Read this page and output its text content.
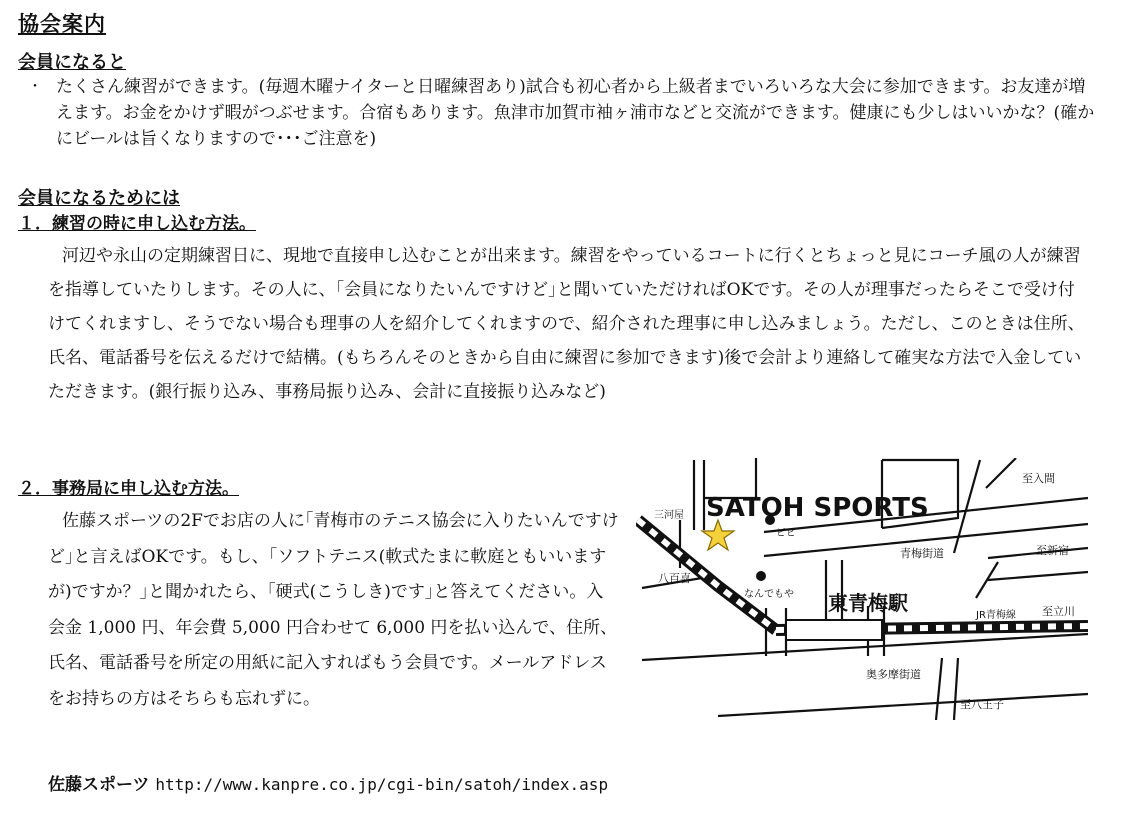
協会案内
会員になると
・ たくさん練習ができます。(毎週木曜ナイターと日曜練習あり)試合も初心者から上級者までいろいろな大会に参加できます。お友達が増えます。お金をかけず暇がつぶせます。合宿もあります。魚津市加賀市袖ヶ浦市などと交流ができます。健康にも少しはいいかな？(確かにビールは旨くなりますので･･･ご注意を)
会員になるためには
１．練習の時に申し込む方法。
河辺や永山の定期練習日に、現地で直接申し込むことが出来ます。練習をやっているコートに行くとちょっと見にコーチ風の人が練習を指導していたりします。その人に、｢会員になりたいんですけど｣と聞いていただければOKです。その人が理事だったらそこで受け付けてくれますし、そうでない場合も理事の人を紹介してくれますので、紹介された理事に申し込みましょう。ただし、このときは住所、氏名、電話番号を伝えるだけで結構。(もちろんそのときから自由に練習に参加できます)後で会計より連絡して確実な方法で入金していただきます。(銀行振り込み、事務局振り込み、会計に直接振り込みなど)
２．事務局に申し込む方法。
佐藤スポーツの2Fでお店の人に｢青梅市のテニス協会に入りたいんですけど｣と言えばOKです。もし、｢ソフトテニス(軟式たまに軟庭ともいいますが)ですか？｣と聞かれたら、｢硬式(こうしき)です｣と答えてください。入会金 1,000 円、年会費 5,000 円合わせて 6,000 円を払い込んで、住所、氏名、電話番号を所定の用紙に記入すればもう会員です。メールアドレスをお持ちの方はそちらも忘れずに。
SATOH SPORTS
至入間
三河屋
ピピ
青梅街道	至新宿
八百喜
なんでもや 東青梅駅
JR青梅線 至立川
奥多摩街道
至八王子
佐藤スポーツ http://www.kanpre.co.jp/cgi-bin/satoh/index.asp
